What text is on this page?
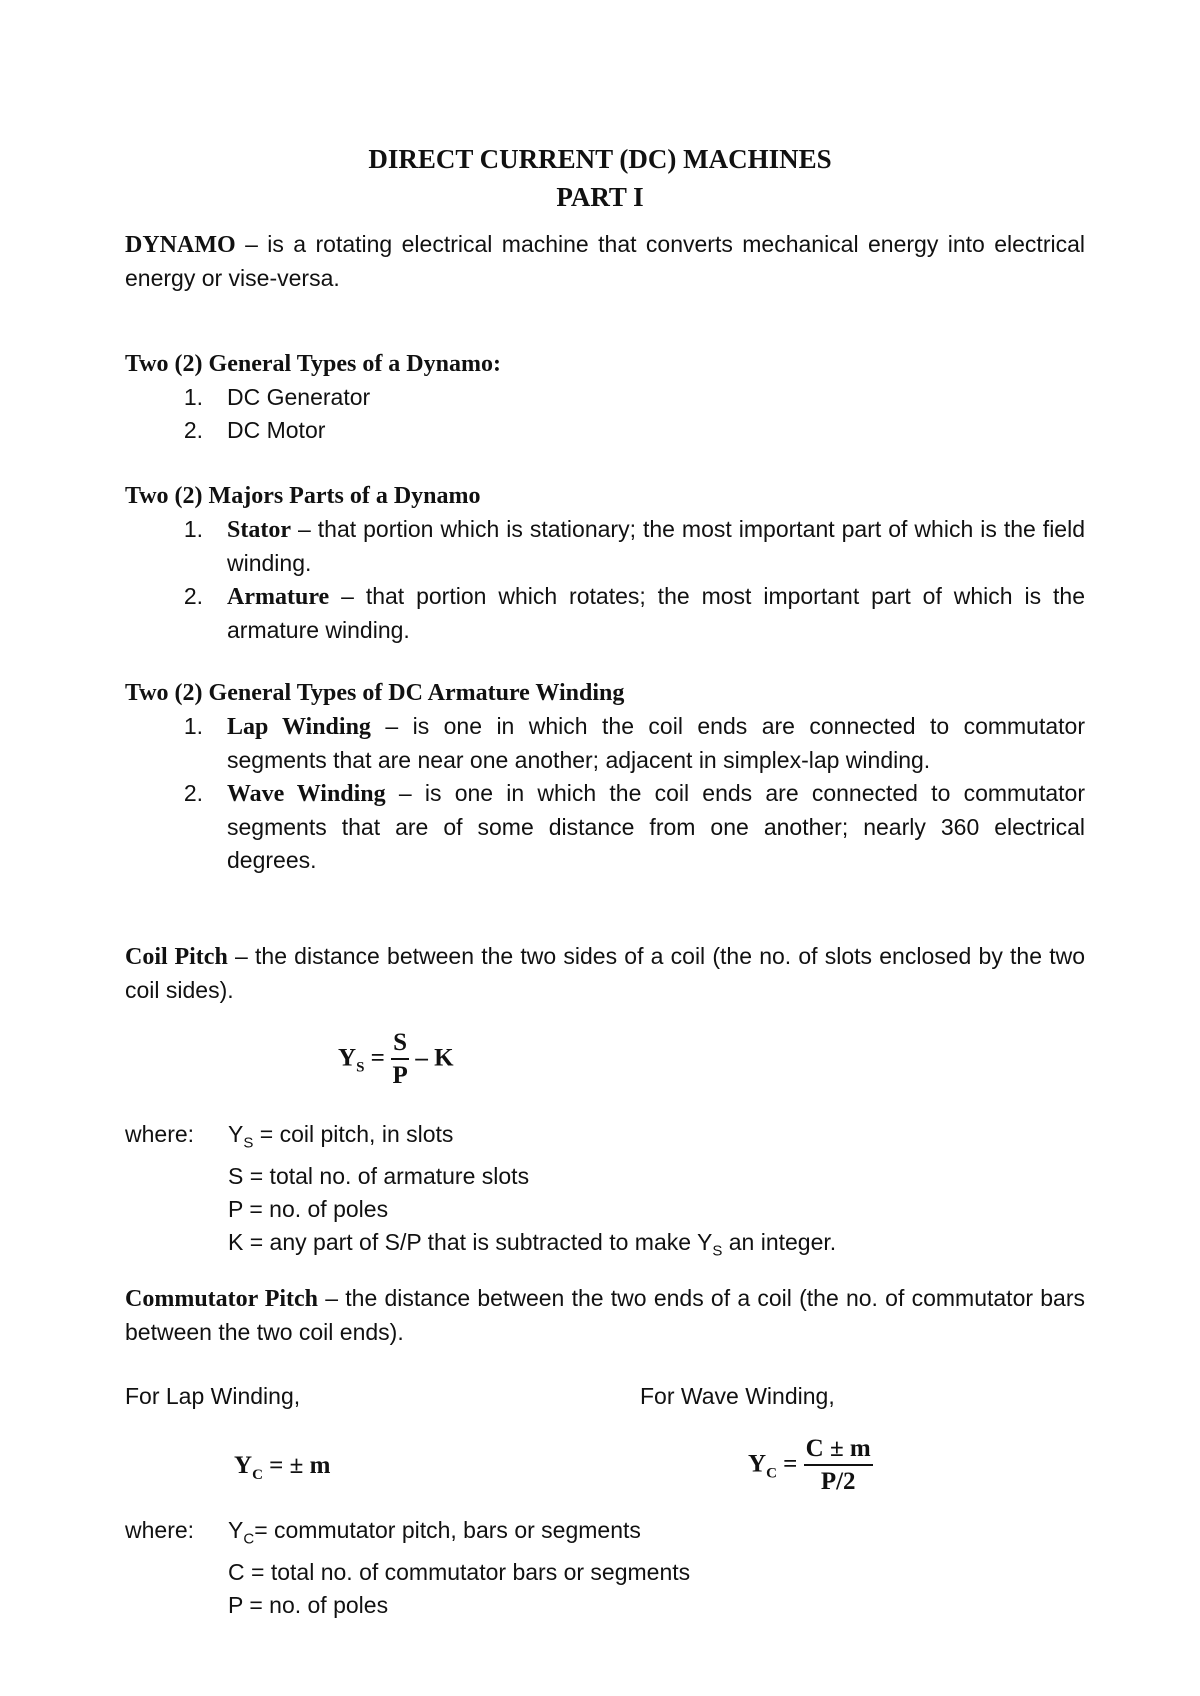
DIRECT CURRENT (DC) MACHINES
PART I
DYNAMO – is a rotating electrical machine that converts mechanical energy into electrical energy or vise-versa.
Two (2) General Types of a Dynamo:
1. DC Generator
2. DC Motor
Two (2) Majors Parts of a Dynamo
1. Stator – that portion which is stationary; the most important part of which is the field winding.
2. Armature – that portion which rotates; the most important part of which is the armature winding.
Two (2) General Types of DC Armature Winding
1. Lap Winding – is one in which the coil ends are connected to commutator segments that are near one another; adjacent in simplex-lap winding.
2. Wave Winding – is one in which the coil ends are connected to commutator segments that are of some distance from one another; nearly 360 electrical degrees.
Coil Pitch – the distance between the two sides of a coil (the no. of slots enclosed by the two coil sides).
$Y_S = \frac{S}{P} - K$
where: $Y_S$ = coil pitch, in slots
S = total no. of armature slots
P = no. of poles
K = any part of S/P that is subtracted to make $Y_S$ an integer.
Commutator Pitch – the distance between the two ends of a coil (the no. of commutator bars between the two coil ends).
For Lap Winding,	For Wave Winding,
$Y_C$ = ± m	$Y_C = \frac{C \pm m}{P/2}$
where: $Y_C=$ commutator pitch, bars or segments
C = total no. of commutator bars or segments
P = no. of poles
